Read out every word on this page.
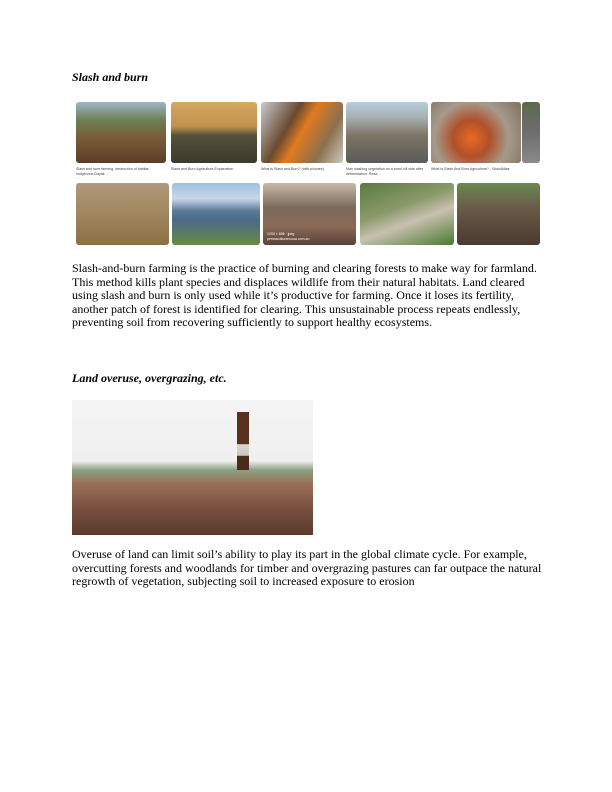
Slash and burn
Slash and burn farming, destruction of habitat, indigenous Dayak ...
Slash and Burn Agriculture Explanation	What is Slash and Burn? (with pictures)	Man slashing vegetation on a burnt hill side after deforestation. Read ...
What Is Slash And Burn Agriculture? - WorldAtlas
1200 × 896 · jpeg
permaculturenoosa.com.au
Slash-and-burn farming is the practice of burning and clearing forests to make way for farmland. This method kills plant species and displaces wildlife from their natural habitats. Land cleared using slash and burn is only used while it’s productive for farming. Once it loses its fertility, another patch of forest is identified for clearing. This unsustainable process repeats endlessly, preventing soil from recovering sufficiently to support healthy ecosystems.
Land overuse, overgrazing, etc.
Overuse of land can limit soil’s ability to play its part in the global climate cycle. For example, overcutting forests and woodlands for timber and overgrazing pastures can far outpace the natural regrowth of vegetation, subjecting soil to increased exposure to erosion
